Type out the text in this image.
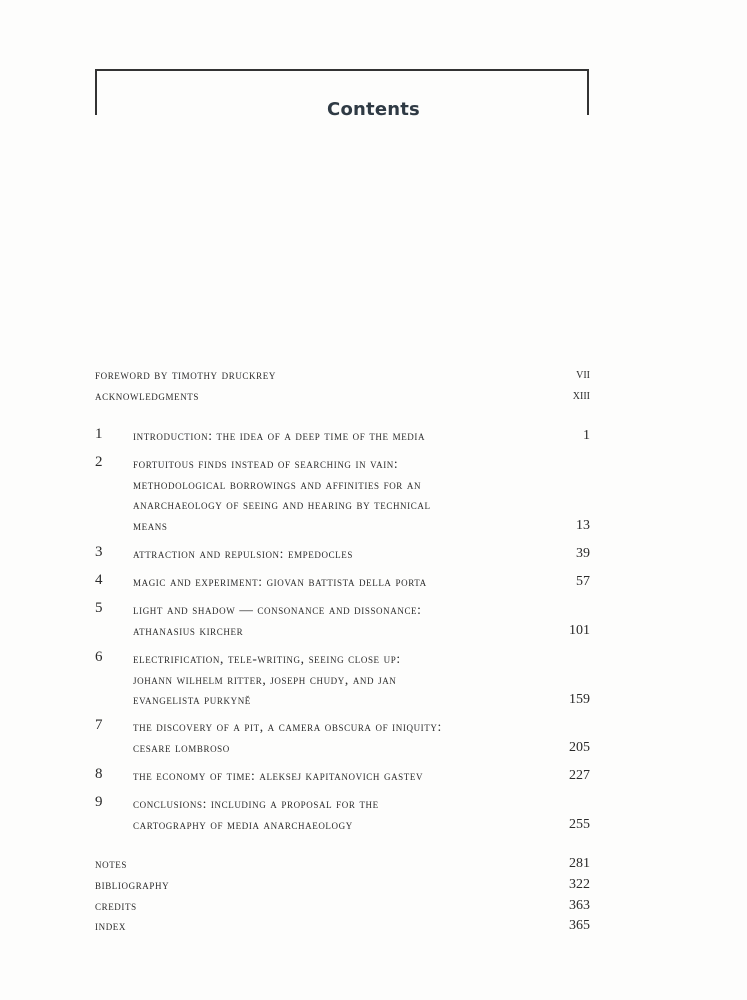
Contents
foreword by timothy druckrey	vii
acknowledgments	xiii
1 introduction: the idea of a deep time of the media	1
2 fortuitous finds instead of searching in vain:
methodological borrowings and affinities for an
anarchaeology of seeing and hearing by technical
means	13
3 attraction and repulsion: empedocles	39
4 magic and experiment: giovan battista della porta	57
5 light and shadow — consonance and dissonance:
athanasius kircher	101
6 electrification, tele-writing, seeing close up:
johann wilhelm ritter, joseph chudy, and jan
evangelista purkyně	159
7 the discovery of a pit, a camera obscura of iniquity:
cesare lombroso	205
8 the economy of time: aleksej kapitanovich gastev	227
9 conclusions: including a proposal for the
cartography of media anarchaeology	255
notes	281
bibliography	322
credits	363
index	365
